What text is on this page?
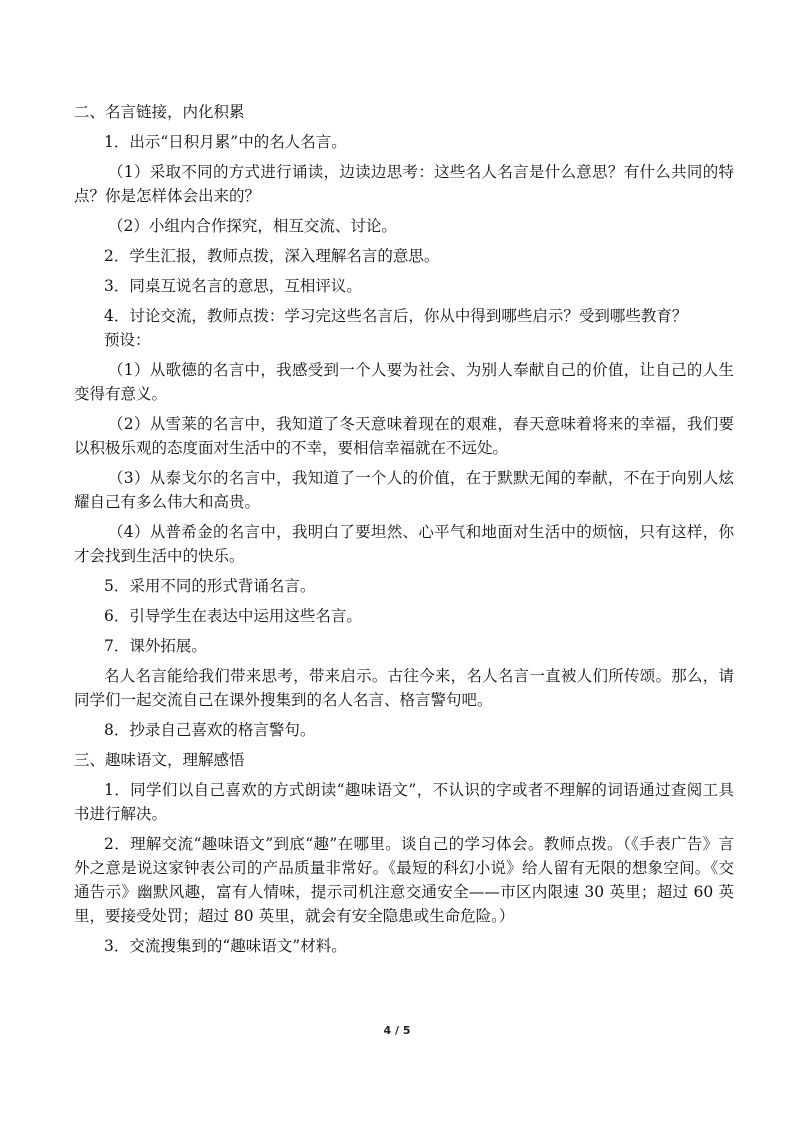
二、名言链接，内化积累

1．出示“日积月累”中的名人名言。

（1）采取不同的方式进行诵读，边读边思考：这些名人名言是什么意思？有什么共同的特点？你是怎样体会出来的？

（2）小组内合作探究，相互交流、讨论。

2．学生汇报，教师点拨，深入理解名言的意思。

3．同桌互说名言的意思，互相评议。

4．讨论交流，教师点拨：学习完这些名言后，你从中得到哪些启示？受到哪些教育？

预设：

（1）从歌德的名言中，我感受到一个人要为社会、为别人奉献自己的价值，让自己的人生变得有意义。

（2）从雪莱的名言中，我知道了冬天意味着现在的艰难，春天意味着将来的幸福，我们要以积极乐观的态度面对生活中的不幸，要相信幸福就在不远处。

（3）从泰戈尔的名言中，我知道了一个人的价值，在于默默无闻的奉献，不在于向别人炫耀自己有多么伟大和高贵。

（4）从普希金的名言中，我明白了要坦然、心平气和地面对生活中的烦恼，只有这样，你才会找到生活中的快乐。

5．采用不同的形式背诵名言。

6．引导学生在表达中运用这些名言。

7．课外拓展。

名人名言能给我们带来思考，带来启示。古往今来，名人名言一直被人们所传颂。那么，请同学们一起交流自己在课外搜集到的名人名言、格言警句吧。

8．抄录自己喜欢的格言警句。

三、趣味语文，理解感悟

1．同学们以自己喜欢的方式朗读“趣味语文”，不认识的字或者不理解的词语通过查阅工具书进行解决。

2．理解交流“趣味语文”到底“趣”在哪里。谈自己的学习体会。教师点拨。（《手表广告》言外之意是说这家钟表公司的产品质量非常好。《最短的科幻小说》给人留有无限的想象空间。《交通告示》幽默风趣，富有人情味，提示司机注意交通安全——市区内限速 30 英里；超过 60 英里，要接受处罚；超过 80 英里，就会有安全隐患或生命危险。）

3．交流搜集到的“趣味语文”材料。

4 / 5
